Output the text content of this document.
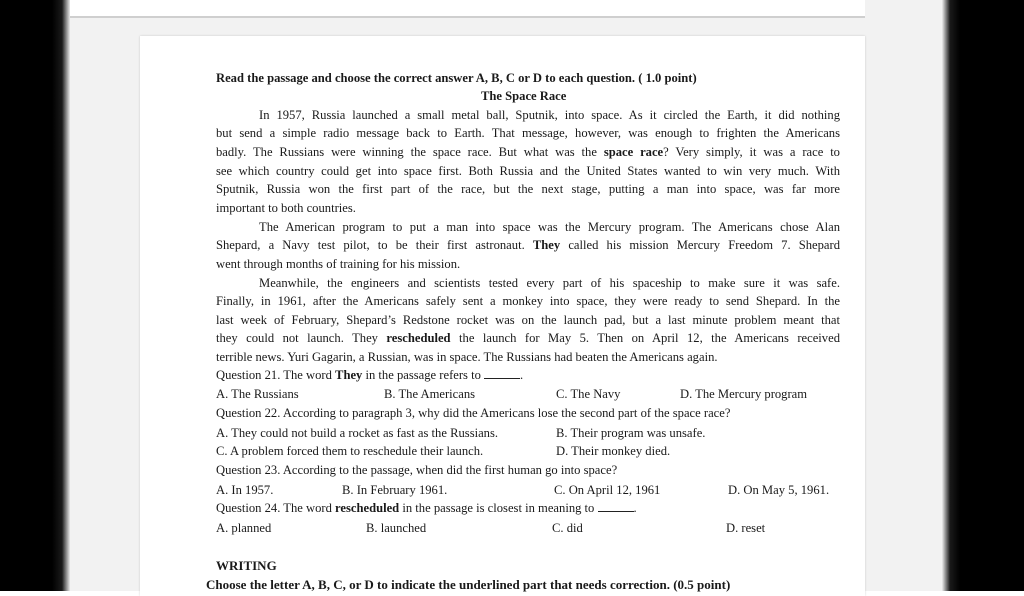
Read the passage and choose the correct answer A, B, C or D to each question. ( 1.0 point)
The Space Race
In 1957, Russia launched a small metal ball, Sputnik, into space. As it circled the Earth, it did nothing
but send a simple radio message back to Earth. That message, however, was enough to frighten the Americans
badly. The Russians were winning the space race. But what was the space race? Very simply, it was a race to
see which country could get into space first. Both Russia and the United States wanted to win very much. With
Sputnik, Russia won the first part of the race, but the next stage, putting a man into space, was far more
important to both countries.
The American program to put a man into space was the Mercury program. The Americans chose Alan
Shepard, a Navy test pilot, to be their first astronaut. They called his mission Mercury Freedom 7. Shepard
went through months of training for his mission.
Meanwhile, the engineers and scientists tested every part of his spaceship to make sure it was safe.
Finally, in 1961, after the Americans safely sent a monkey into space, they were ready to send Shepard. In the
last week of February, Shepard’s Redstone rocket was on the launch pad, but a last minute problem meant that
they could not launch. They rescheduled the launch for May 5. Then on April 12, the Americans received
terrible news. Yuri Gagarin, a Russian, was in space. The Russians had beaten the Americans again.
Question 21. The word They in the passage refers to	.
A. The Russians	B. The Americans	C. The Navy	D. The Mercury program
Question 22. According to paragraph 3, why did the Americans lose the second part of the space race?
A. They could not build a rocket as fast as the Russians.	B. Their program was unsafe.
C. A problem forced them to reschedule their launch.	D. Their monkey died.
Question 23. According to the passage, when did the first human go into space?
A. In 1957.	B. In February 1961.	C. On April 12, 1961	D. On May 5, 1961.
Question 24. The word rescheduled in the passage is closest in meaning to	.
A. planned	B. launched	C. did	D. reset
WRITING
Choose the letter A, B, C, or D to indicate the underlined part that needs correction. (0.5 point)
